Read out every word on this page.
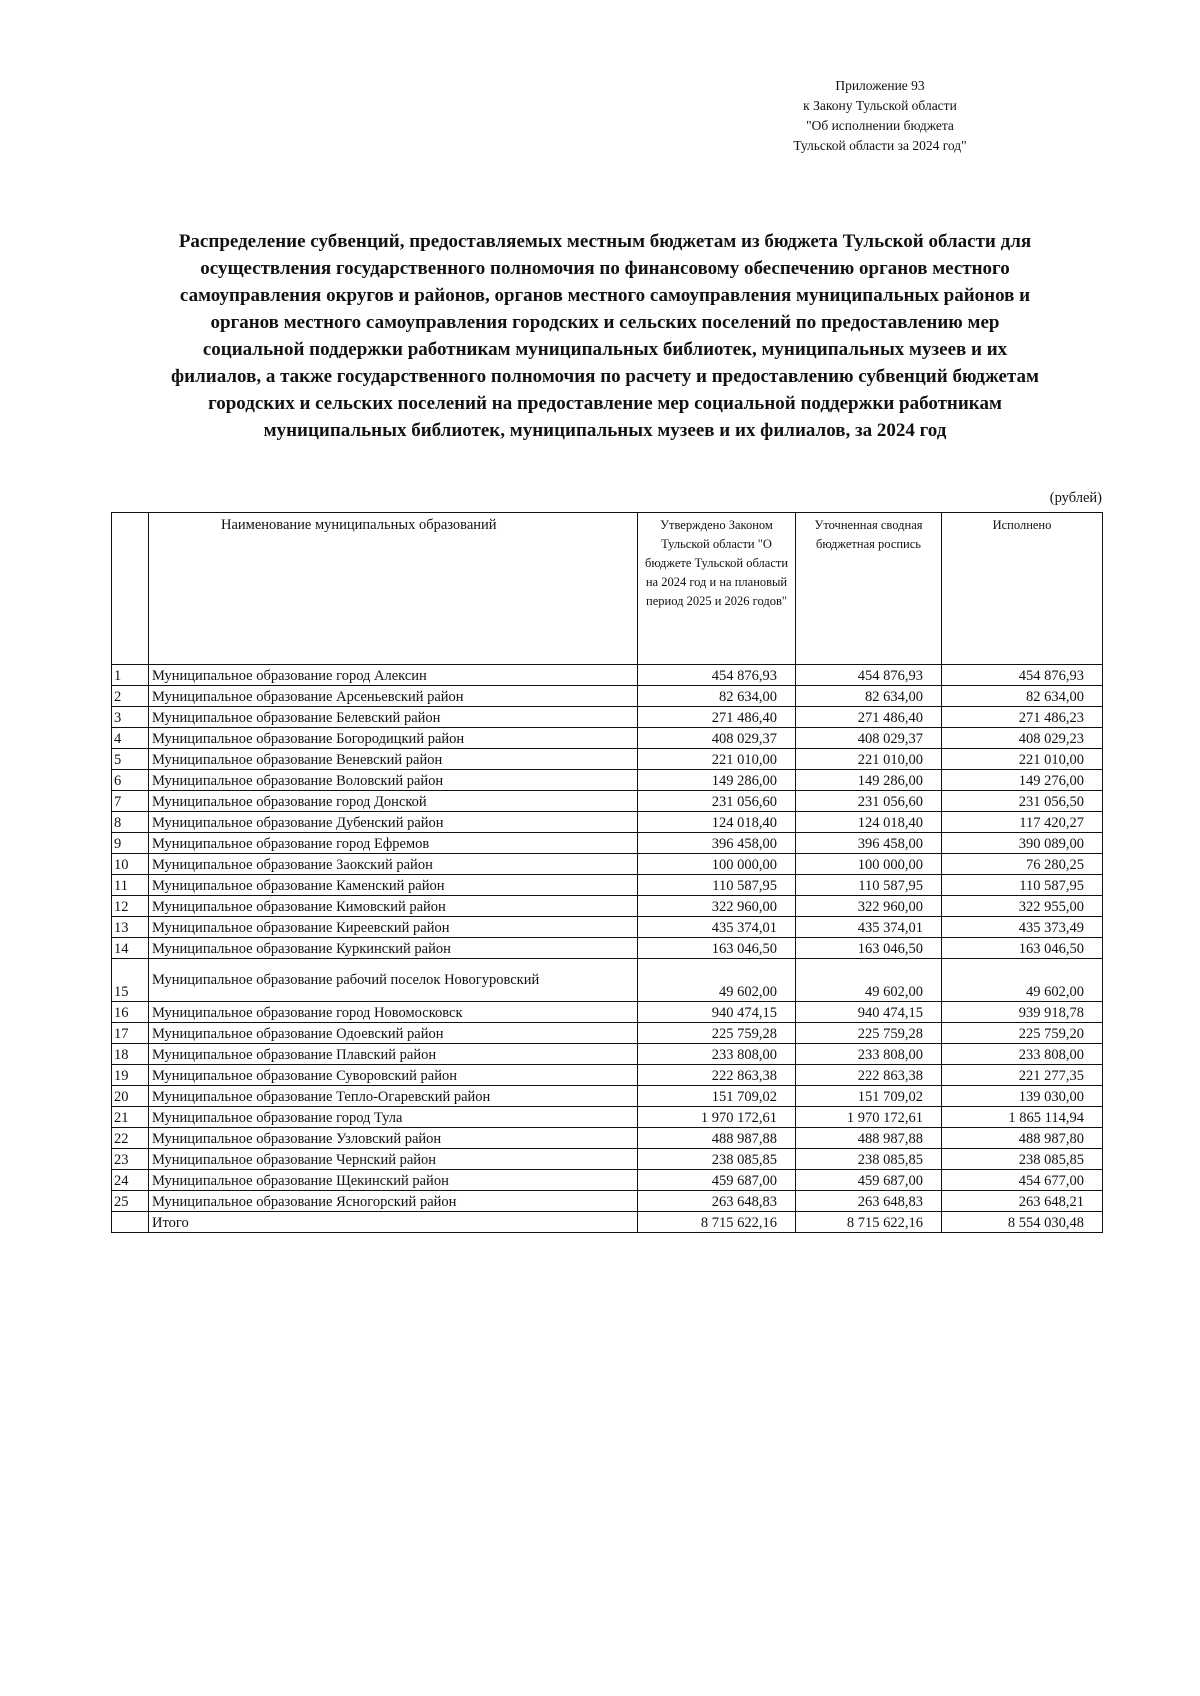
Приложение 93
к Закону Тульской области
"Об исполнении бюджета
Тульской области за 2024 год"
Распределение субвенций, предоставляемых местным бюджетам из бюджета Тульской области для
осуществления государственного полномочия по финансовому обеспечению органов местного
самоуправления округов и районов, органов местного самоуправления муниципальных районов и
органов местного самоуправления городских и сельских поселений по предоставлению мер
социальной поддержки работникам муниципальных библиотек, муниципальных музеев и их
филиалов, а также государственного полномочия по расчету и предоставлению субвенций бюджетам
городских и сельских поселений на предоставление мер социальной поддержки работникам
муниципальных библиотек, муниципальных музеев и их филиалов, за 2024 год
(рублей)
	Наименование муниципальных образований	Утверждено Законом Тульской области "О бюджете Тульской области на 2024 год и на плановый период 2025 и 2026 годов"	Уточненная сводная бюджетная роспись	Исполнено
1	Муниципальное образование город Алексин	454 876,93	454 876,93	454 876,93
2	Муниципальное образование Арсеньевский район	82 634,00	82 634,00	82 634,00
3	Муниципальное образование Белевский район	271 486,40	271 486,40	271 486,23
4	Муниципальное образование Богородицкий район	408 029,37	408 029,37	408 029,23
5	Муниципальное образование Веневский район	221 010,00	221 010,00	221 010,00
6	Муниципальное образование Воловский район	149 286,00	149 286,00	149 276,00
7	Муниципальное образование город Донской	231 056,60	231 056,60	231 056,50
8	Муниципальное образование Дубенский район	124 018,40	124 018,40	117 420,27
9	Муниципальное образование город Ефремов	396 458,00	396 458,00	390 089,00
10	Муниципальное образование Заокский район	100 000,00	100 000,00	76 280,25
11	Муниципальное образование Каменский район	110 587,95	110 587,95	110 587,95
12	Муниципальное образование Кимовский район	322 960,00	322 960,00	322 955,00
13	Муниципальное образование Киреевский район	435 374,01	435 374,01	435 373,49
14	Муниципальное образование Куркинский район	163 046,50	163 046,50	163 046,50
15	Муниципальное образование рабочий поселок Новогуровский	49 602,00	49 602,00	49 602,00
16	Муниципальное образование город Новомосковск	940 474,15	940 474,15	939 918,78
17	Муниципальное образование Одоевский район	225 759,28	225 759,28	225 759,20
18	Муниципальное образование Плавский район	233 808,00	233 808,00	233 808,00
19	Муниципальное образование Суворовский район	222 863,38	222 863,38	221 277,35
20	Муниципальное образование Тепло-Огаревский район	151 709,02	151 709,02	139 030,00
21	Муниципальное образование город Тула	1 970 172,61	1 970 172,61	1 865 114,94
22	Муниципальное образование Узловский район	488 987,88	488 987,88	488 987,80
23	Муниципальное образование Чернский район	238 085,85	238 085,85	238 085,85
24	Муниципальное образование Щекинский район	459 687,00	459 687,00	454 677,00
25	Муниципальное образование Ясногорский район	263 648,83	263 648,83	263 648,21
	Итого	8 715 622,16	8 715 622,16	8 554 030,48
